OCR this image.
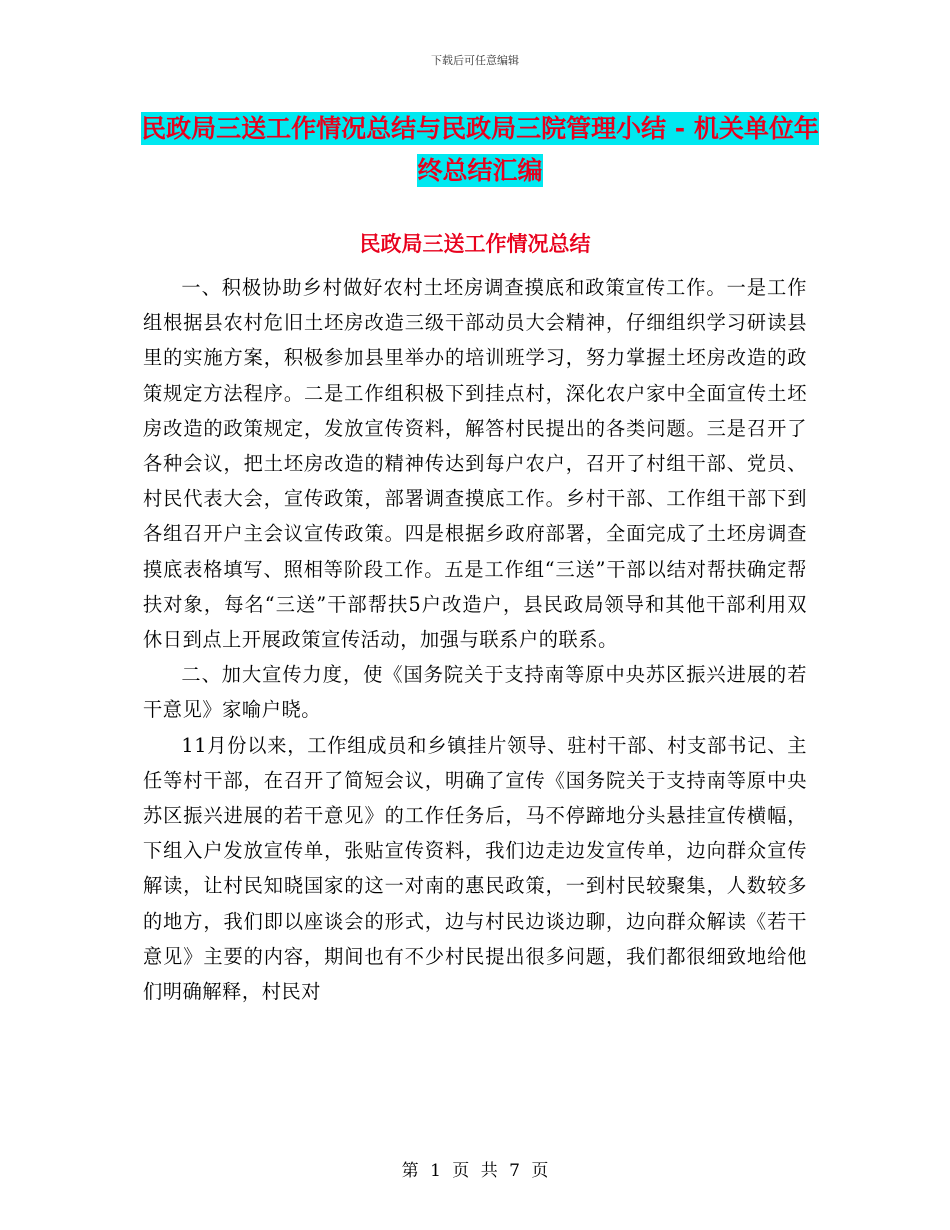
下载后可任意编辑
民政局三送工作情况总结与民政局三院管理小结 - 机关单位年终总结汇编
民政局三送工作情况总结

一、积极协助乡村做好农村土坯房调查摸底和政策宣传工作。一是工作组根据县农村危旧土坯房改造三级干部动员大会精神，仔细组织学习研读县里的实施方案，积极参加县里举办的培训班学习，努力掌握土坯房改造的政策规定方法程序。二是工作组积极下到挂点村，深化农户家中全面宣传土坯房改造的政策规定，发放宣传资料，解答村民提出的各类问题。三是召开了各种会议，把土坯房改造的精神传达到每户农户，召开了村组干部、党员、村民代表大会，宣传政策，部署调查摸底工作。乡村干部、工作组干部下到各组召开户主会议宣传政策。四是根据乡政府部署，全面完成了土坯房调查摸底表格填写、照相等阶段工作。五是工作组“三送”干部以结对帮扶确定帮扶对象，每名“三送”干部帮扶5户改造户，县民政局领导和其他干部利用双休日到点上开展政策宣传活动，加强与联系户的联系。

二、加大宣传力度，使《国务院关于支持南等原中央苏区振兴进展的若干意见》家喻户晓。

11月份以来，工作组成员和乡镇挂片领导、驻村干部、村支部书记、主任等村干部，在召开了简短会议，明确了宣传《国务院关于支持南等原中央苏区振兴进展的若干意见》的工作任务后，马不停蹄地分头悬挂宣传横幅，下组入户发放宣传单，张贴宣传资料，我们边走边发宣传单，边向群众宣传解读，让村民知晓国家的这一对南的惠民政策，一到村民较聚集，人数较多的地方，我们即以座谈会的形式，边与村民边谈边聊，边向群众解读《若干意见》主要的内容，期间也有不少村民提出很多问题，我们都很细致地给他们明确解释，村民对

第 1 页 共 7 页
